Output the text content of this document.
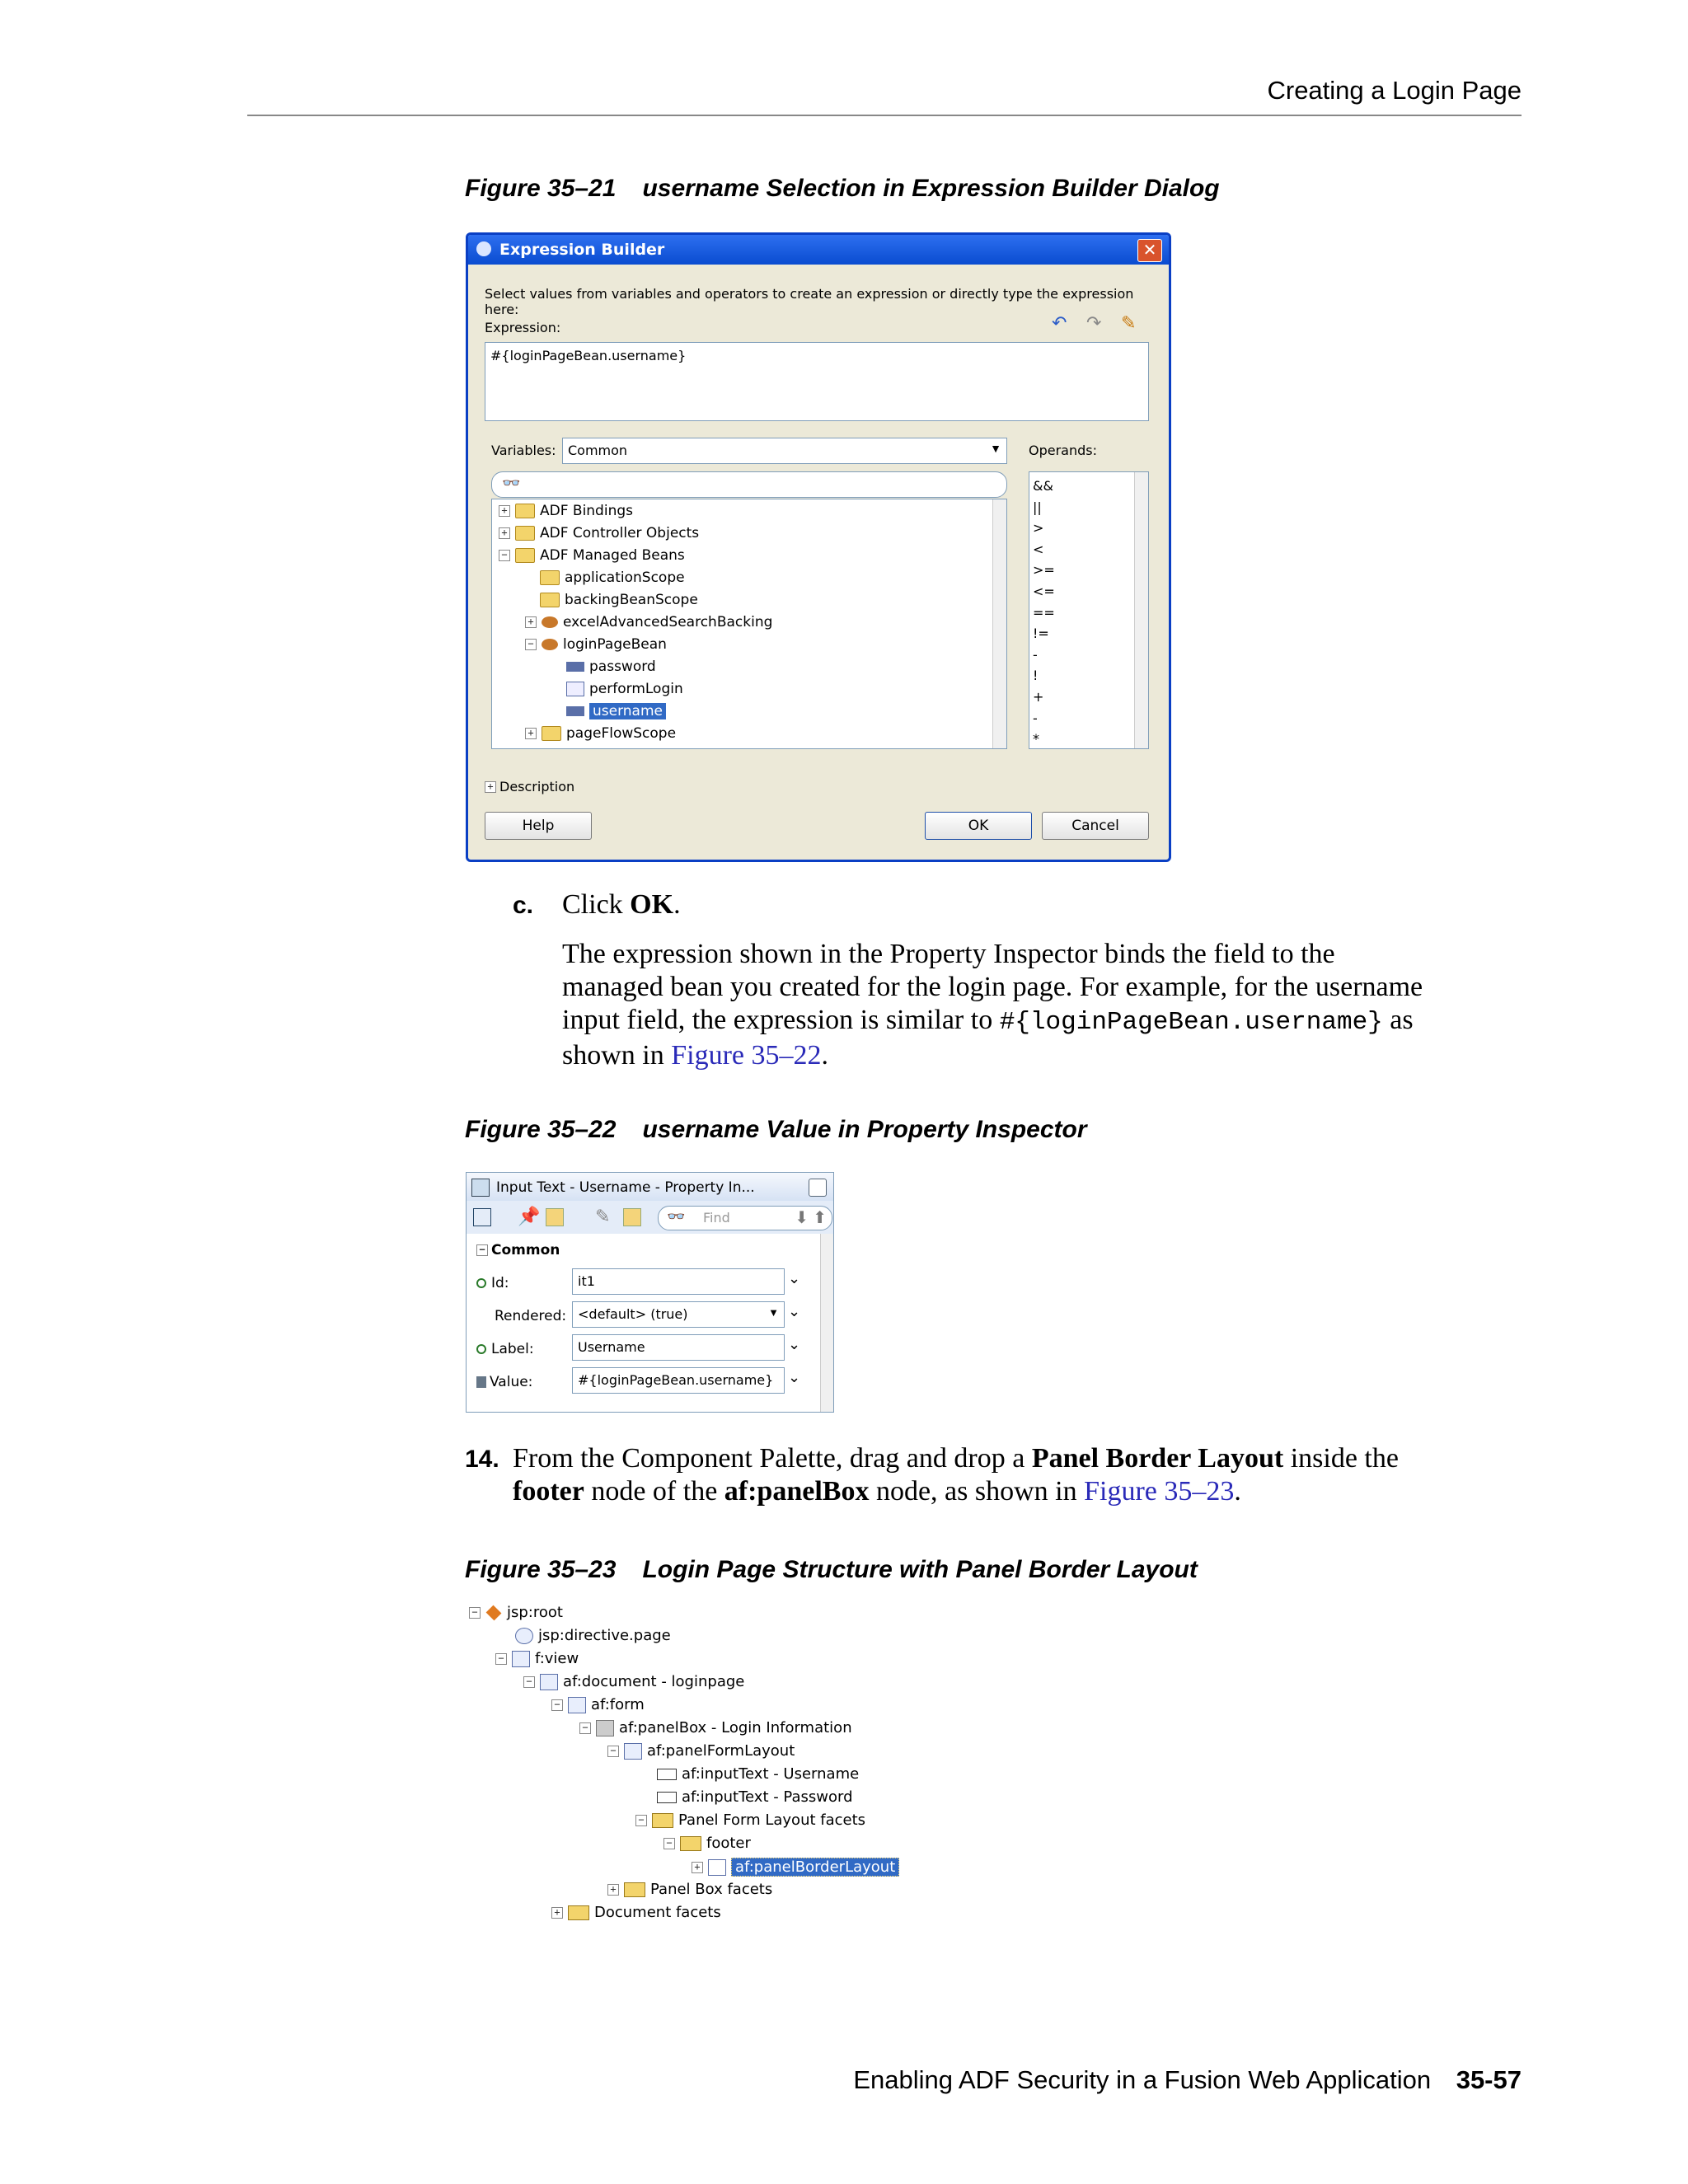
Creating a Login Page
Figure 35–21 username Selection in Expression Builder Dialog
Expression Builder	✕
Select values from variables and operators to create an expression or directly type the expression here:
Expression:	↶ ↷ ✎
#{loginPageBean.username}
Variables: Common	▼ Operands:
👓
+ ADF Bindings
+ ADF Controller Objects
− ADF Managed Beans
applicationScope
backingBeanScope
+ excelAdvancedSearchBacking
− loginPageBean
password
performLogin
username
+ pageFlowScope
&&
||
>
<
>=
<=
==
!=
-
!
+
-
*
+ Description
Help	OK	Cancel
c. Click OK.
The expression shown in the Property Inspector binds the field to the
managed bean you created for the login page. For example, for the username
input field, the expression is similar to #{loginPageBean.username} as
shown in Figure 35–22.
Figure 35–22 username Value in Property Inspector
Input Text - Username - Property In...
📌	✎	👓 Find	⬇ ⬆
− Common
Id:	it1	⌄
Rendered: <default> (true)	▼ ⌄
Label:	Username	⌄
Value:	#{loginPageBean.username} ⌄
14. From the Component Palette, drag and drop a Panel Border Layout inside the
footer node of the af:panelBox node, as shown in Figure 35–23.
Figure 35–23 Login Page Structure with Panel Border Layout
− jsp:root
jsp:directive.page
− f:view
− af:document - loginpage
− af:form
− af:panelBox - Login Information
− af:panelFormLayout
af:inputText - Username
af:inputText - Password
− Panel Form Layout facets
− footer
+ af:panelBorderLayout
+ Panel Box facets
+ Document facets
Enabling ADF Security in a Fusion Web Application 35-57
